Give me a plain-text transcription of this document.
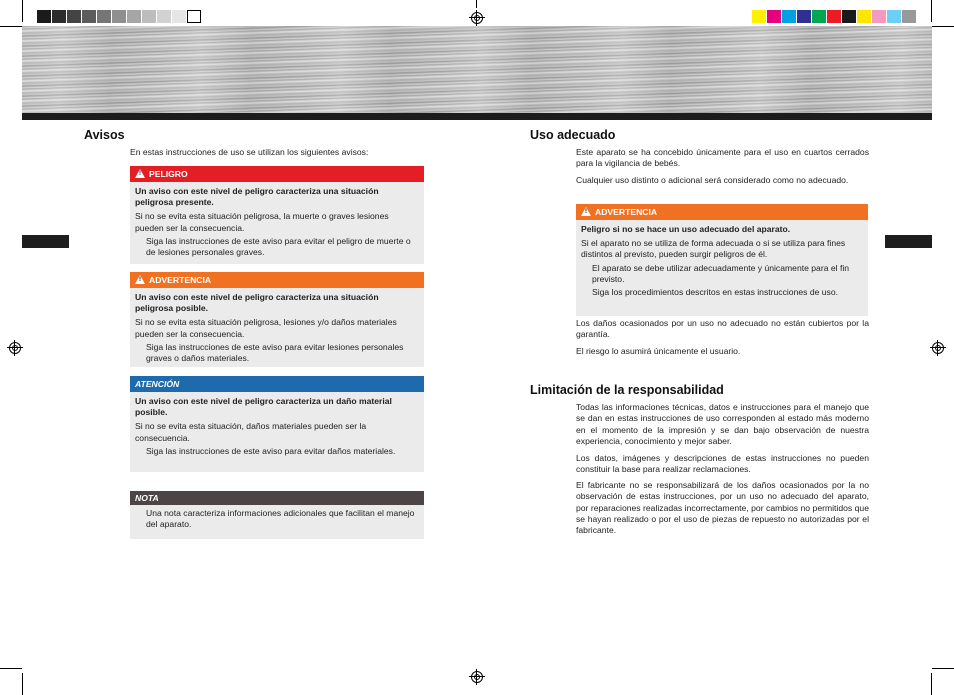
Avisos

En estas instrucciones de uso se utilizan los siguientes avisos:

! PELIGRO
Un aviso con este nivel de peligro caracteriza una situación peligrosa presente.
Si no se evita esta situación peligrosa, la muerte o graves lesiones pueden ser la consecuencia.
Siga las instrucciones de este aviso para evitar el peligro de muerte o de lesiones personales graves.
! ADVERTENCIA
Un aviso con este nivel de peligro caracteriza una situación peligrosa posible.
Si no se evita esta situación peligrosa, lesiones y/o daños materiales pueden ser la consecuencia.
Siga las instrucciones de este aviso para evitar lesiones personales graves o daños materiales.
ATENCIÓN
Un aviso con este nivel de peligro caracteriza un daño material posible.
Si no se evita esta situación, daños materiales pueden ser la consecuencia.
Siga las instrucciones de este aviso para evitar daños materiales.
NOTA
Una nota caracteriza informaciones adicionales que facilitan el manejo del aparato.
Uso adecuado

Este aparato se ha concebido únicamente para el uso en cuartos cerrados para la vigilancia de bebés.

Cualquier uso distinto o adicional será considerado como no adecuado.

! ADVERTENCIA
Peligro si no se hace un uso adecuado del aparato.
Si el aparato no se utiliza de forma adecuada o si se utiliza para fines distintos al previsto, pueden surgir peligros de él.
El aparato se debe utilizar adecuadamente y únicamente para el fin previsto.
Siga los procedimientos descritos en estas instrucciones de uso.

Los daños ocasionados por un uso no adecuado no están cubiertos por la garantía.

El riesgo lo asumirá únicamente el usuario.

Limitación de la responsabilidad

Todas las informaciones técnicas, datos e instrucciones para el manejo que se dan en estas instrucciones de uso corresponden al estado más moderno en el momento de la impresión y se dan bajo observación de nuestra experiencia, conocimiento y mejor saber.

Los datos, imágenes y descripciones de estas instrucciones no pueden constituir la base para realizar reclamaciones.

El fabricante no se responsabilizará de los daños ocasionados por la no observación de estas instrucciones, por un uso no adecuado del aparato, por reparaciones realizadas incorrectamente, por cambios no permitidos que se hayan realizado o por el uso de piezas de repuesto no autorizadas por el fabricante.
